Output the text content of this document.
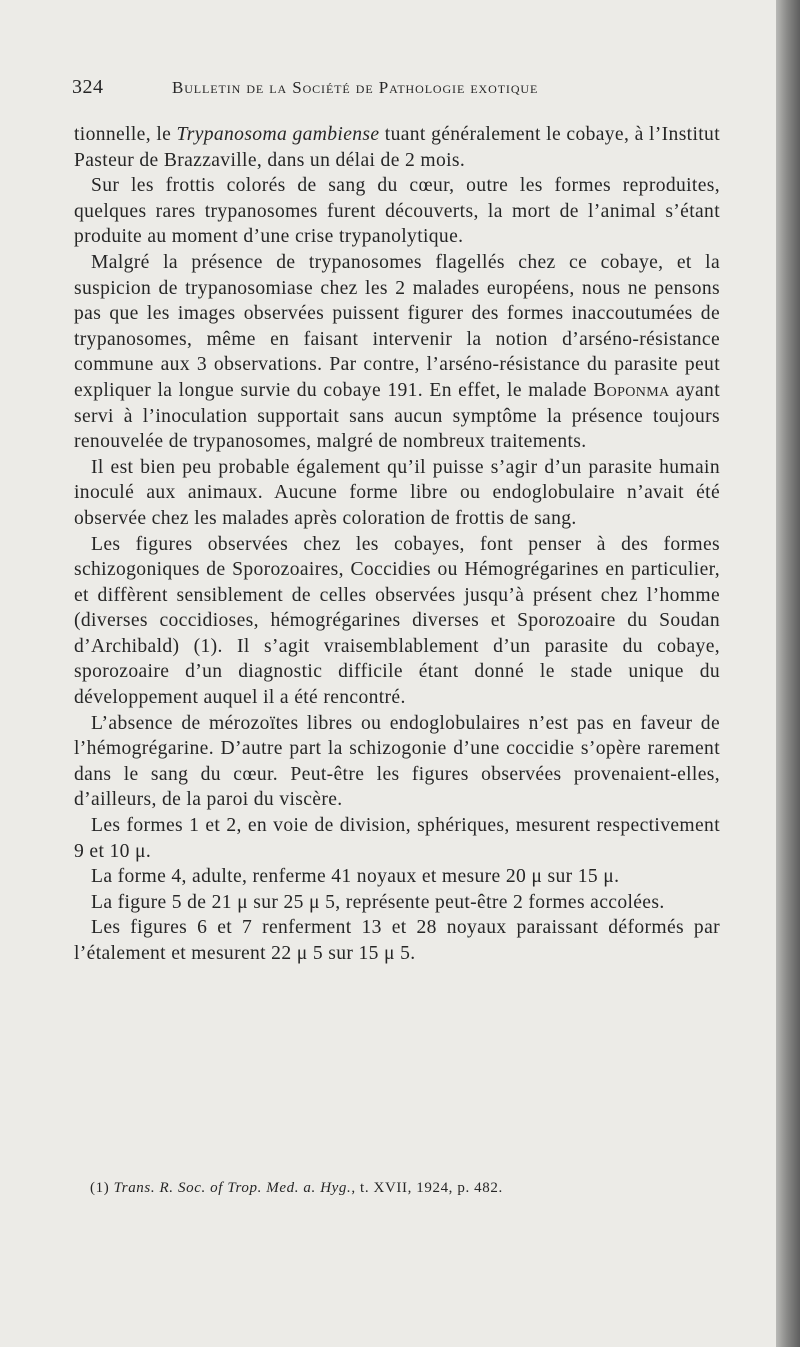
324	Bulletin de la Société de Pathologie exotique

tionnelle, le Trypanosoma gambiense tuant généralement le cobaye, à l’Institut Pasteur de Brazzaville, dans un délai de 2 mois.

Sur les frottis colorés de sang du cœur, outre les formes reproduites, quelques rares trypanosomes furent découverts, la mort de l’animal s’étant produite au moment d’une crise trypanolytique.

Malgré la présence de trypanosomes flagellés chez ce cobaye, et la suspicion de trypanosomiase chez les 2 malades européens, nous ne pensons pas que les images observées puissent figurer des formes inaccoutumées de trypanosomes, même en faisant intervenir la notion d’arséno-résistance commune aux 3 observations. Par contre, l’arséno-résistance du parasite peut expliquer la longue survie du cobaye 191. En effet, le malade Boponma ayant servi à l’inoculation supportait sans aucun symptôme la présence toujours renouvelée de trypanosomes, malgré de nombreux traitements.

Il est bien peu probable également qu’il puisse s’agir d’un parasite humain inoculé aux animaux. Aucune forme libre ou endoglobulaire n’avait été observée chez les malades après coloration de frottis de sang.

Les figures observées chez les cobayes, font penser à des formes schizogoniques de Sporozoaires, Coccidies ou Hémogrégarines en particulier, et diffèrent sensiblement de celles observées jusqu’à présent chez l’homme (diverses coccidioses, hémogrégarines diverses et Sporozoaire du Soudan d’Archibald) (1). Il s’agit vraisemblablement d’un parasite du cobaye, sporozoaire d’un diagnostic difficile étant donné le stade unique du développement auquel il a été rencontré.

L’absence de mérozoïtes libres ou endoglobulaires n’est pas en faveur de l’hémogrégarine. D’autre part la schizogonie d’une coccidie s’opère rarement dans le sang du cœur. Peut-être les figures observées provenaient-elles, d’ailleurs, de la paroi du viscère.

Les formes 1 et 2, en voie de division, sphériques, mesurent respectivement 9 et 10 μ.

La forme 4, adulte, renferme 41 noyaux et mesure 20 μ sur 15 μ.

La figure 5 de 21 μ sur 25 μ 5, représente peut-être 2 formes accolées.

Les figures 6 et 7 renferment 13 et 28 noyaux paraissant déformés par l’étalement et mesurent 22 μ 5 sur 15 μ 5.

(1) Trans. R. Soc. of Trop. Med. a. Hyg., t. XVII, 1924, p. 482.
